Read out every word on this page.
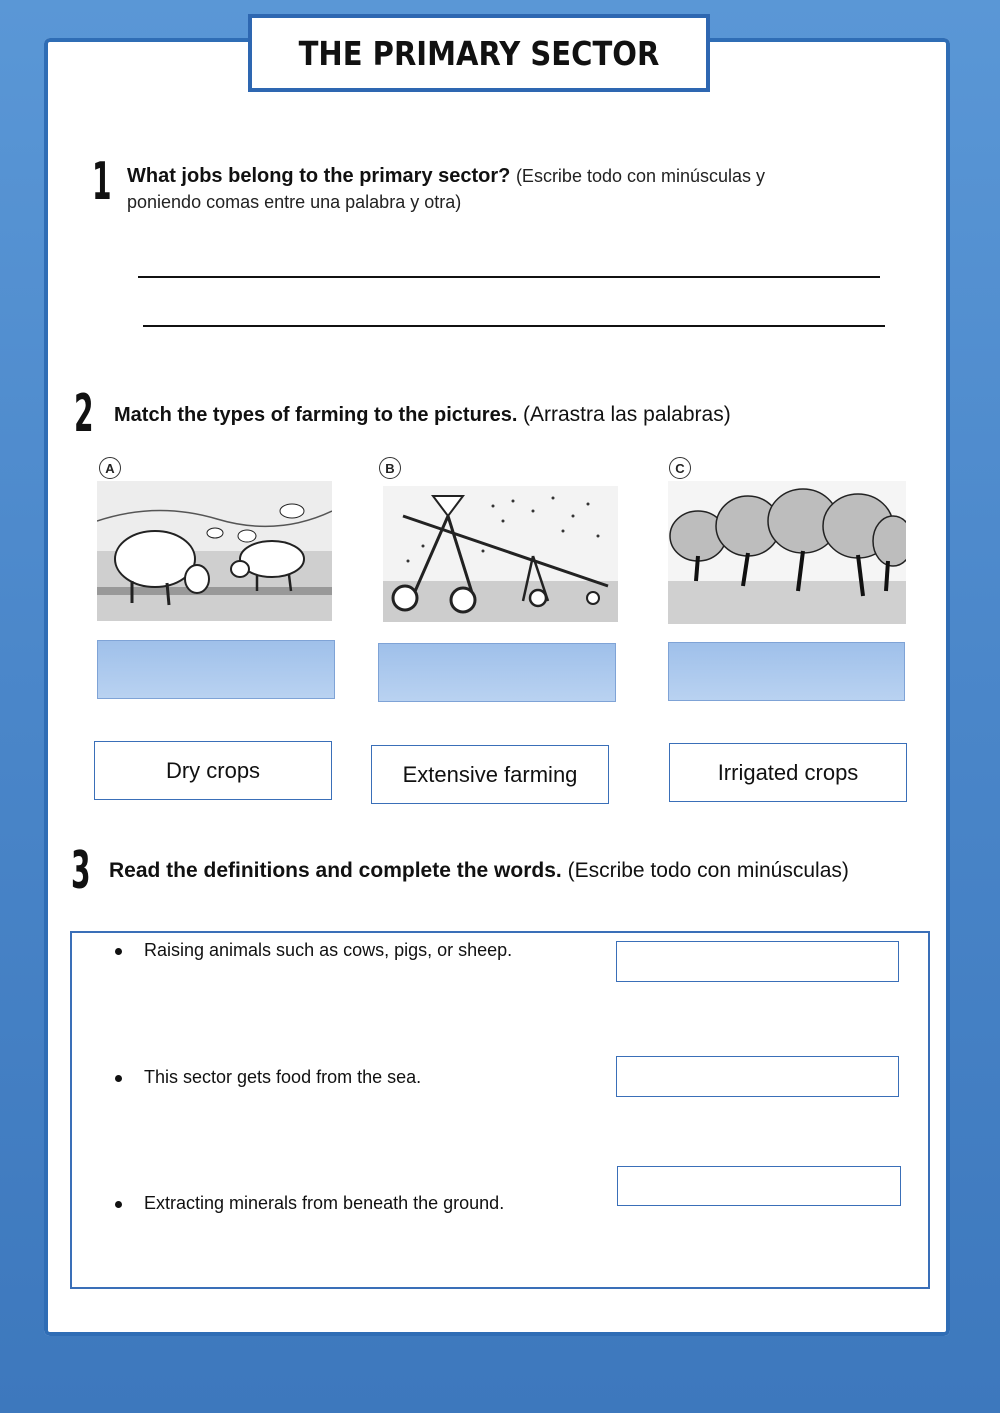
THE PRIMARY SECTOR
1 What jobs belong to the primary sector? (Escribe todo con minúsculas y
poniendo comas entre una palabra y otra)
2 Match the types of farming to the pictures. (Arrastra las palabras)
A	B	C
Dry crops	Extensive farming	Irrigated crops
3 Read the definitions and complete the words. (Escribe todo con minúsculas)
Raising animals such as cows, pigs, or sheep.
This sector gets food from the sea.
Extracting minerals from beneath the ground.
